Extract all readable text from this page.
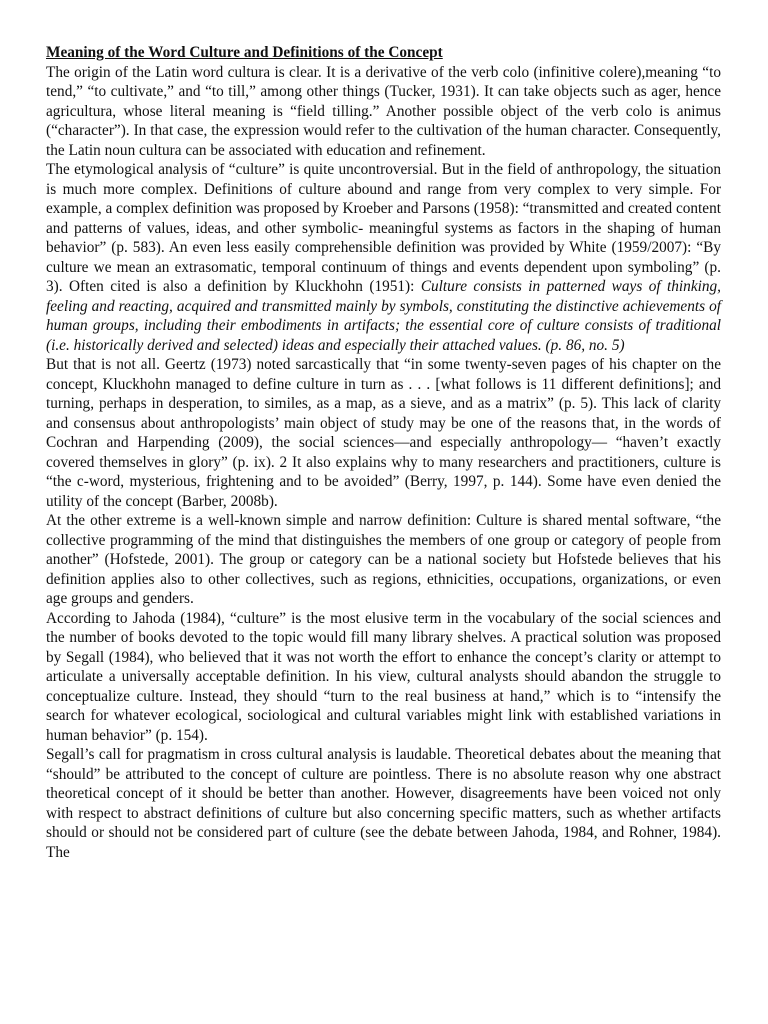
Meaning of the Word Culture and Definitions of the Concept

The origin of the Latin word cultura is clear. It is a derivative of the verb colo (infinitive colere),meaning “to tend,” “to cultivate,” and “to till,” among other things (Tucker, 1931). It can take objects such as ager, hence agricultura, whose literal meaning is “field tilling.” Another possible object of the verb colo is animus (“character”). In that case, the expression would refer to the cultivation of the human character. Consequently, the Latin noun cultura can be associated with education and refinement.

The etymological analysis of “culture” is quite uncontroversial. But in the field of anthropology, the situation is much more complex. Definitions of culture abound and range from very complex to very simple. For example, a complex definition was proposed by Kroeber and Parsons (1958): “transmitted and created content and patterns of values, ideas, and other symbolic- meaningful systems as factors in the shaping of human behavior” (p. 583). An even less easily comprehensible definition was provided by White (1959/2007): “By culture we mean an extrasomatic, temporal continuum of things and events dependent upon symboling” (p. 3). Often cited is also a definition by Kluckhohn (1951): Culture consists in patterned ways of thinking, feeling and reacting, acquired and transmitted mainly by symbols, constituting the distinctive achievements of human groups, including their embodiments in artifacts; the essential core of culture consists of traditional (i.e. historically derived and selected) ideas and especially their attached values. (p. 86, no. 5)

But that is not all. Geertz (1973) noted sarcastically that “in some twenty-seven pages of his chapter on the concept, Kluckhohn managed to define culture in turn as . . . [what follows is 11 different definitions]; and turning, perhaps in desperation, to similes, as a map, as a sieve, and as a matrix” (p. 5). This lack of clarity and consensus about anthropologists’ main object of study may be one of the reasons that, in the words of Cochran and Harpending (2009), the social sciences—and especially anthropology— “haven’t exactly covered themselves in glory” (p. ix). 2 It also explains why to many researchers and practitioners, culture is “the c-word, mysterious, frightening and to be avoided” (Berry, 1997, p. 144). Some have even denied the utility of the concept (Barber, 2008b).

At the other extreme is a well-known simple and narrow definition: Culture is shared mental software, “the collective programming of the mind that distinguishes the members of one group or category of people from another” (Hofstede, 2001). The group or category can be a national society but Hofstede believes that his definition applies also to other collectives, such as regions, ethnicities, occupations, organizations, or even age groups and genders.

According to Jahoda (1984), “culture” is the most elusive term in the vocabulary of the social sciences and the number of books devoted to the topic would fill many library shelves. A practical solution was proposed by Segall (1984), who believed that it was not worth the effort to enhance the concept’s clarity or attempt to articulate a universally acceptable definition. In his view, cultural analysts should abandon the struggle to conceptualize culture. Instead, they should “turn to the real business at hand,” which is to “intensify the search for whatever ecological, sociological and cultural variables might link with established variations in human behavior” (p. 154).

Segall’s call for pragmatism in cross cultural analysis is laudable. Theoretical debates about the meaning that “should” be attributed to the concept of culture are pointless. There is no absolute reason why one abstract theoretical concept of it should be better than another. However, disagreements have been voiced not only with respect to abstract definitions of culture but also concerning specific matters, such as whether artifacts should or should not be considered part of culture (see the debate between Jahoda, 1984, and Rohner, 1984). The
